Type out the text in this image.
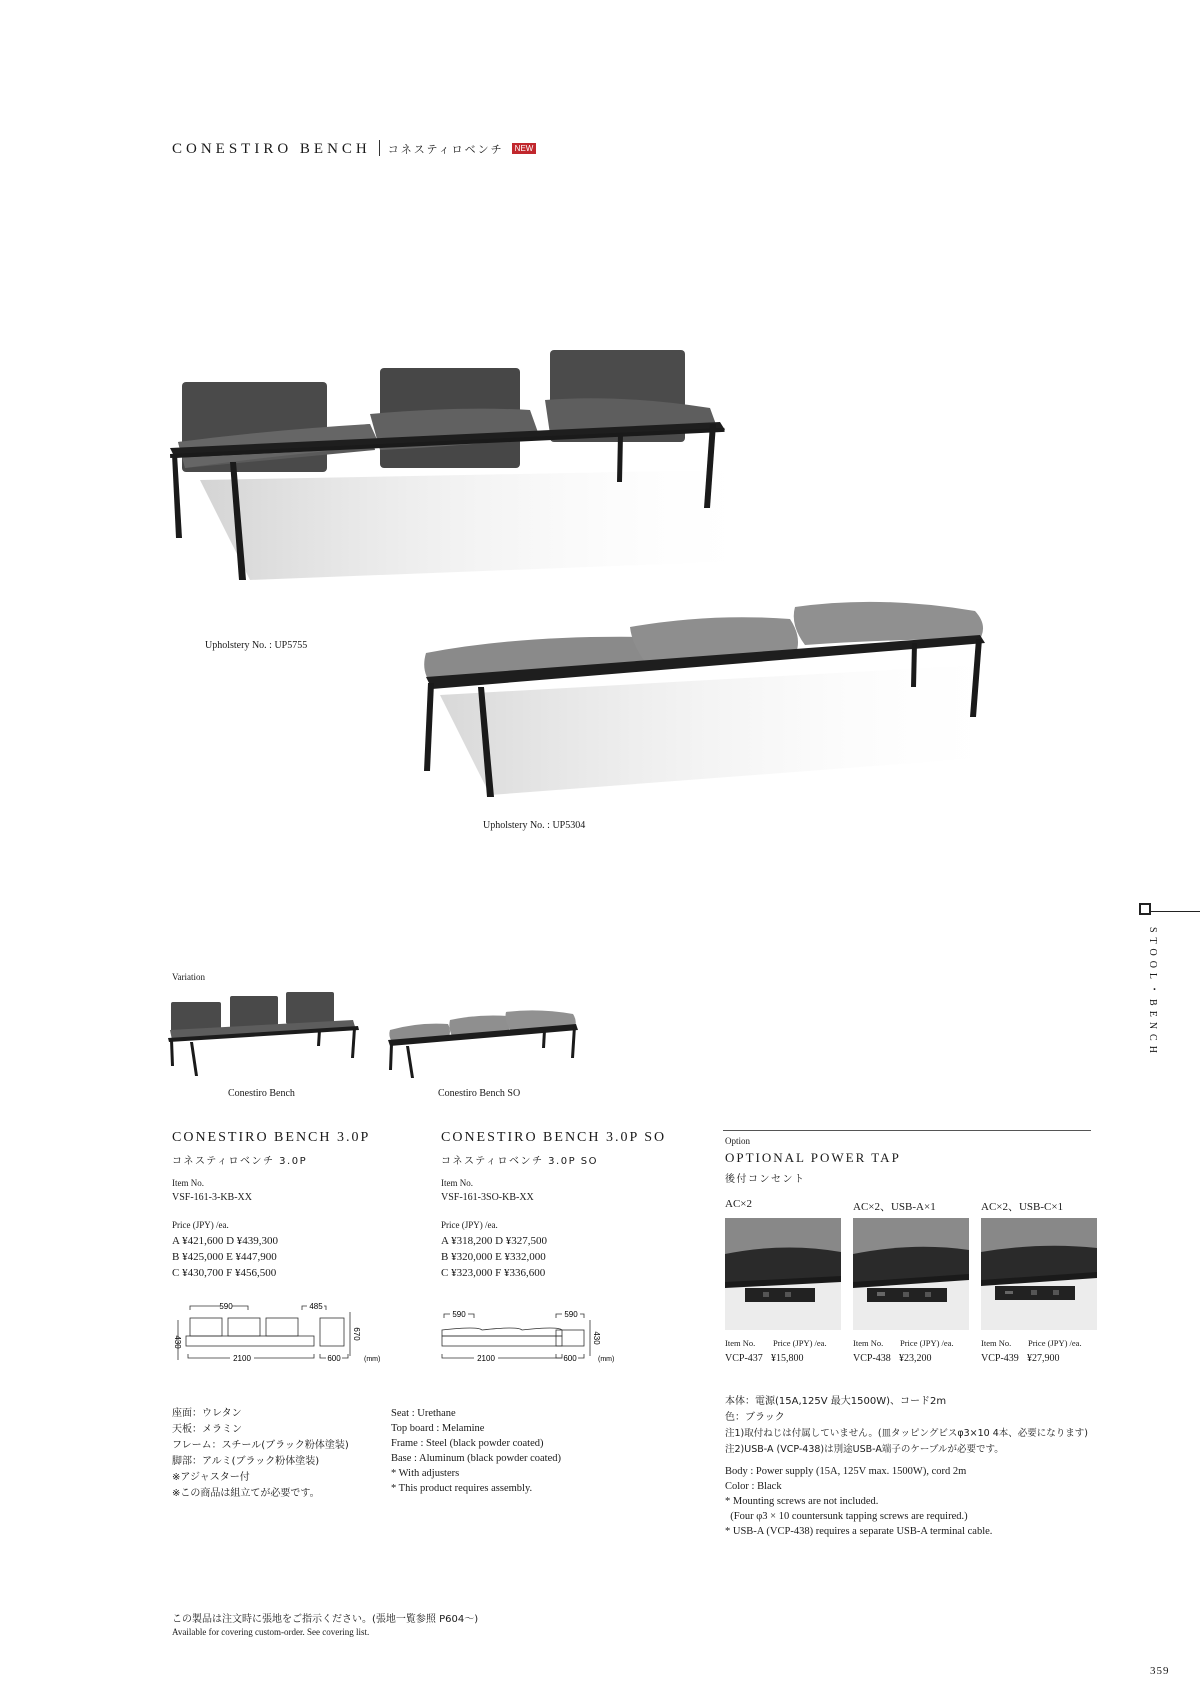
CONESTIRO BENCH コネスティロベンチ NEW
Upholstery No. : UP5755
Upholstery No. : UP5304
STOOL・BENCH
Variation
Conestiro Bench	Conestiro Bench SO
CONESTIRO BENCH 3.0P
コネスティロベンチ 3.0P
Item No.
VSF-161-3-KB-XX
Price (JPY) /ea.
A ¥421,600 D ¥439,300
B ¥425,000 E ¥447,900
C ¥430,700 F ¥456,500
590	485
2100	600	(mm)
430
670
CONESTIRO BENCH 3.0P SO
コネスティロベンチ 3.0P SO
Item No.
VSF-161-3SO-KB-XX
Price (JPY) /ea.
A ¥318,200 D ¥327,500
B ¥320,000 E ¥332,000
C ¥323,000 F ¥336,600
590	590
2100	600	(mm)
430
座面：ウレタン
天板：メラミン
フレーム：スチール(ブラック粉体塗装)
脚部：アルミ(ブラック粉体塗装)
※アジャスター付
※この商品は組立てが必要です。
Seat : Urethane
Top board : Melamine
Frame : Steel (black powder coated)
Base : Aluminum (black powder coated)
* With adjusters
* This product requires assembly.
Option
OPTIONAL POWER TAP
後付コンセント
AC×2
Item No. Price (JPY) /ea.
VCP-437 ¥15,800
AC×2、USB-A×1
Item No. Price (JPY) /ea.
VCP-438 ¥23,200
AC×2、USB-C×1
Item No. Price (JPY) /ea.
VCP-439 ¥27,900
本体：電源(15A,125V 最大1500W)、コード2m
色：ブラック
注1)取付ねじは付属していません。(皿タッピングビスφ3×10 4本、必要になります)
注2)USB-A (VCP-438)は別途USB-A端子のケーブルが必要です。
Body : Power supply (15A, 125V max. 1500W), cord 2m
Color : Black
* Mounting screws are not included.
(Four φ3 × 10 countersunk tapping screws are required.)
* USB-A (VCP-438) requires a separate USB-A terminal cable.
この製品は注文時に張地をご指示ください。(張地一覧参照 P604〜)
Available for covering custom-order. See covering list.
359
